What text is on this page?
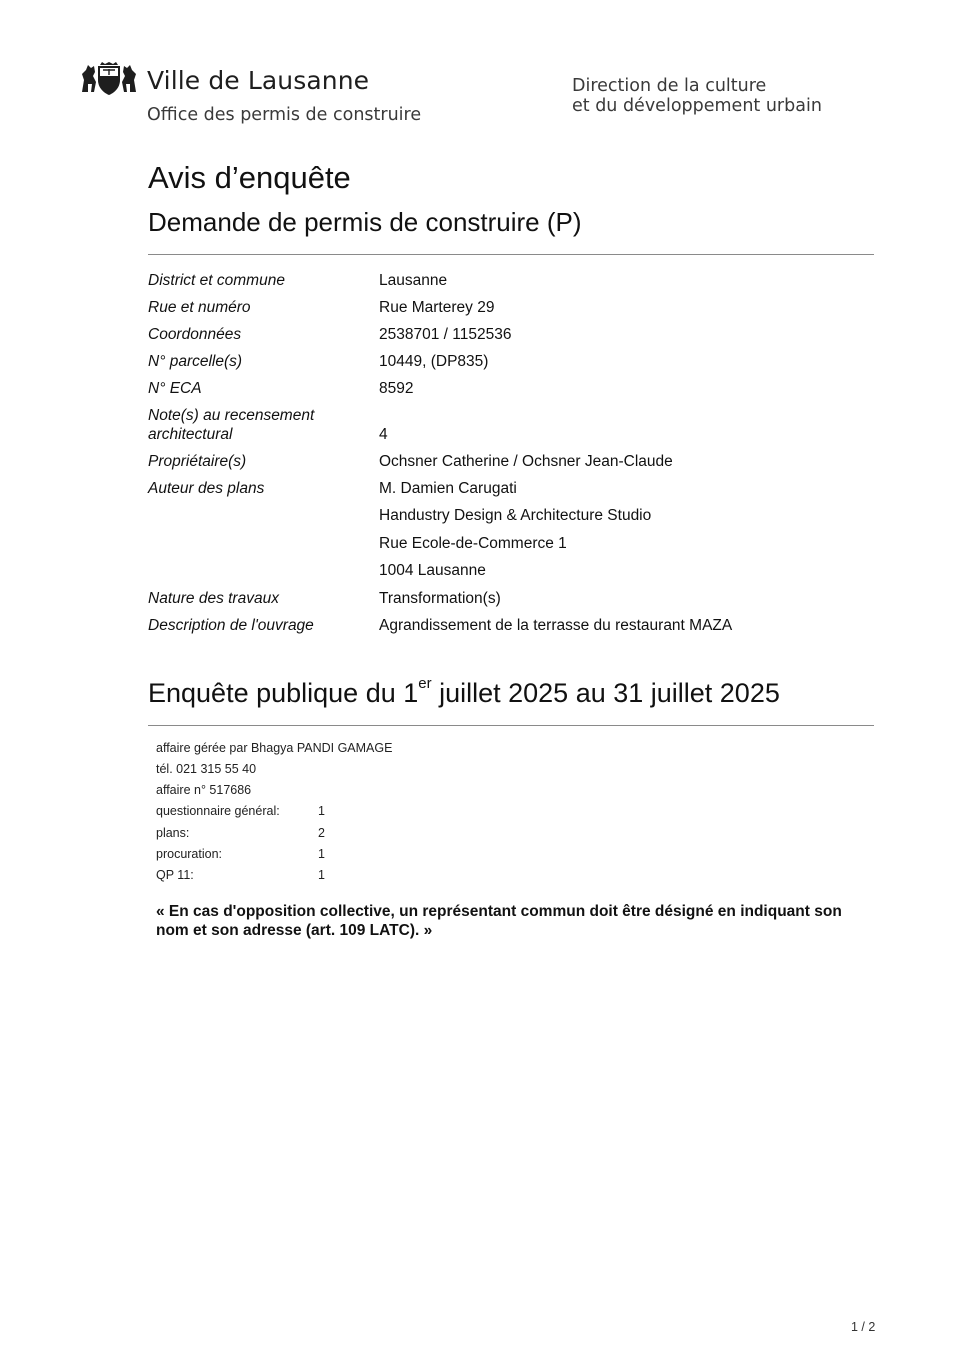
Ville de Lausanne
Office des permis de construire
Direction de la culture
et du développement urbain
Avis d’enquête
Demande de permis de construire (P)
District et commune	Lausanne
Rue et numéro	Rue Marterey 29
Coordonnées	2538701 / 1152536
N° parcelle(s)	10449, (DP835)
N° ECA	8592
Note(s) au recensement
architectural	4
Propriétaire(s)	Ochsner Catherine / Ochsner Jean-Claude
Auteur des plans	M. Damien Carugati
Handustry Design & Architecture Studio
Rue Ecole-de-Commerce 1
1004 Lausanne
Nature des travaux	Transformation(s)
Description de l'ouvrage	Agrandissement de la terrasse du restaurant MAZA
Enquête publique du 1er juillet 2025 au 31 juillet 2025
affaire gérée par Bhagya PANDI GAMAGE
tél. 021 315 55 40
affaire n° 517686
questionnaire général:	1
plans:	2
procuration:	1
QP 11:	1
« En cas d'opposition collective, un représentant commun doit être désigné en indiquant son nom et son adresse (art. 109 LATC). »
1 / 2
